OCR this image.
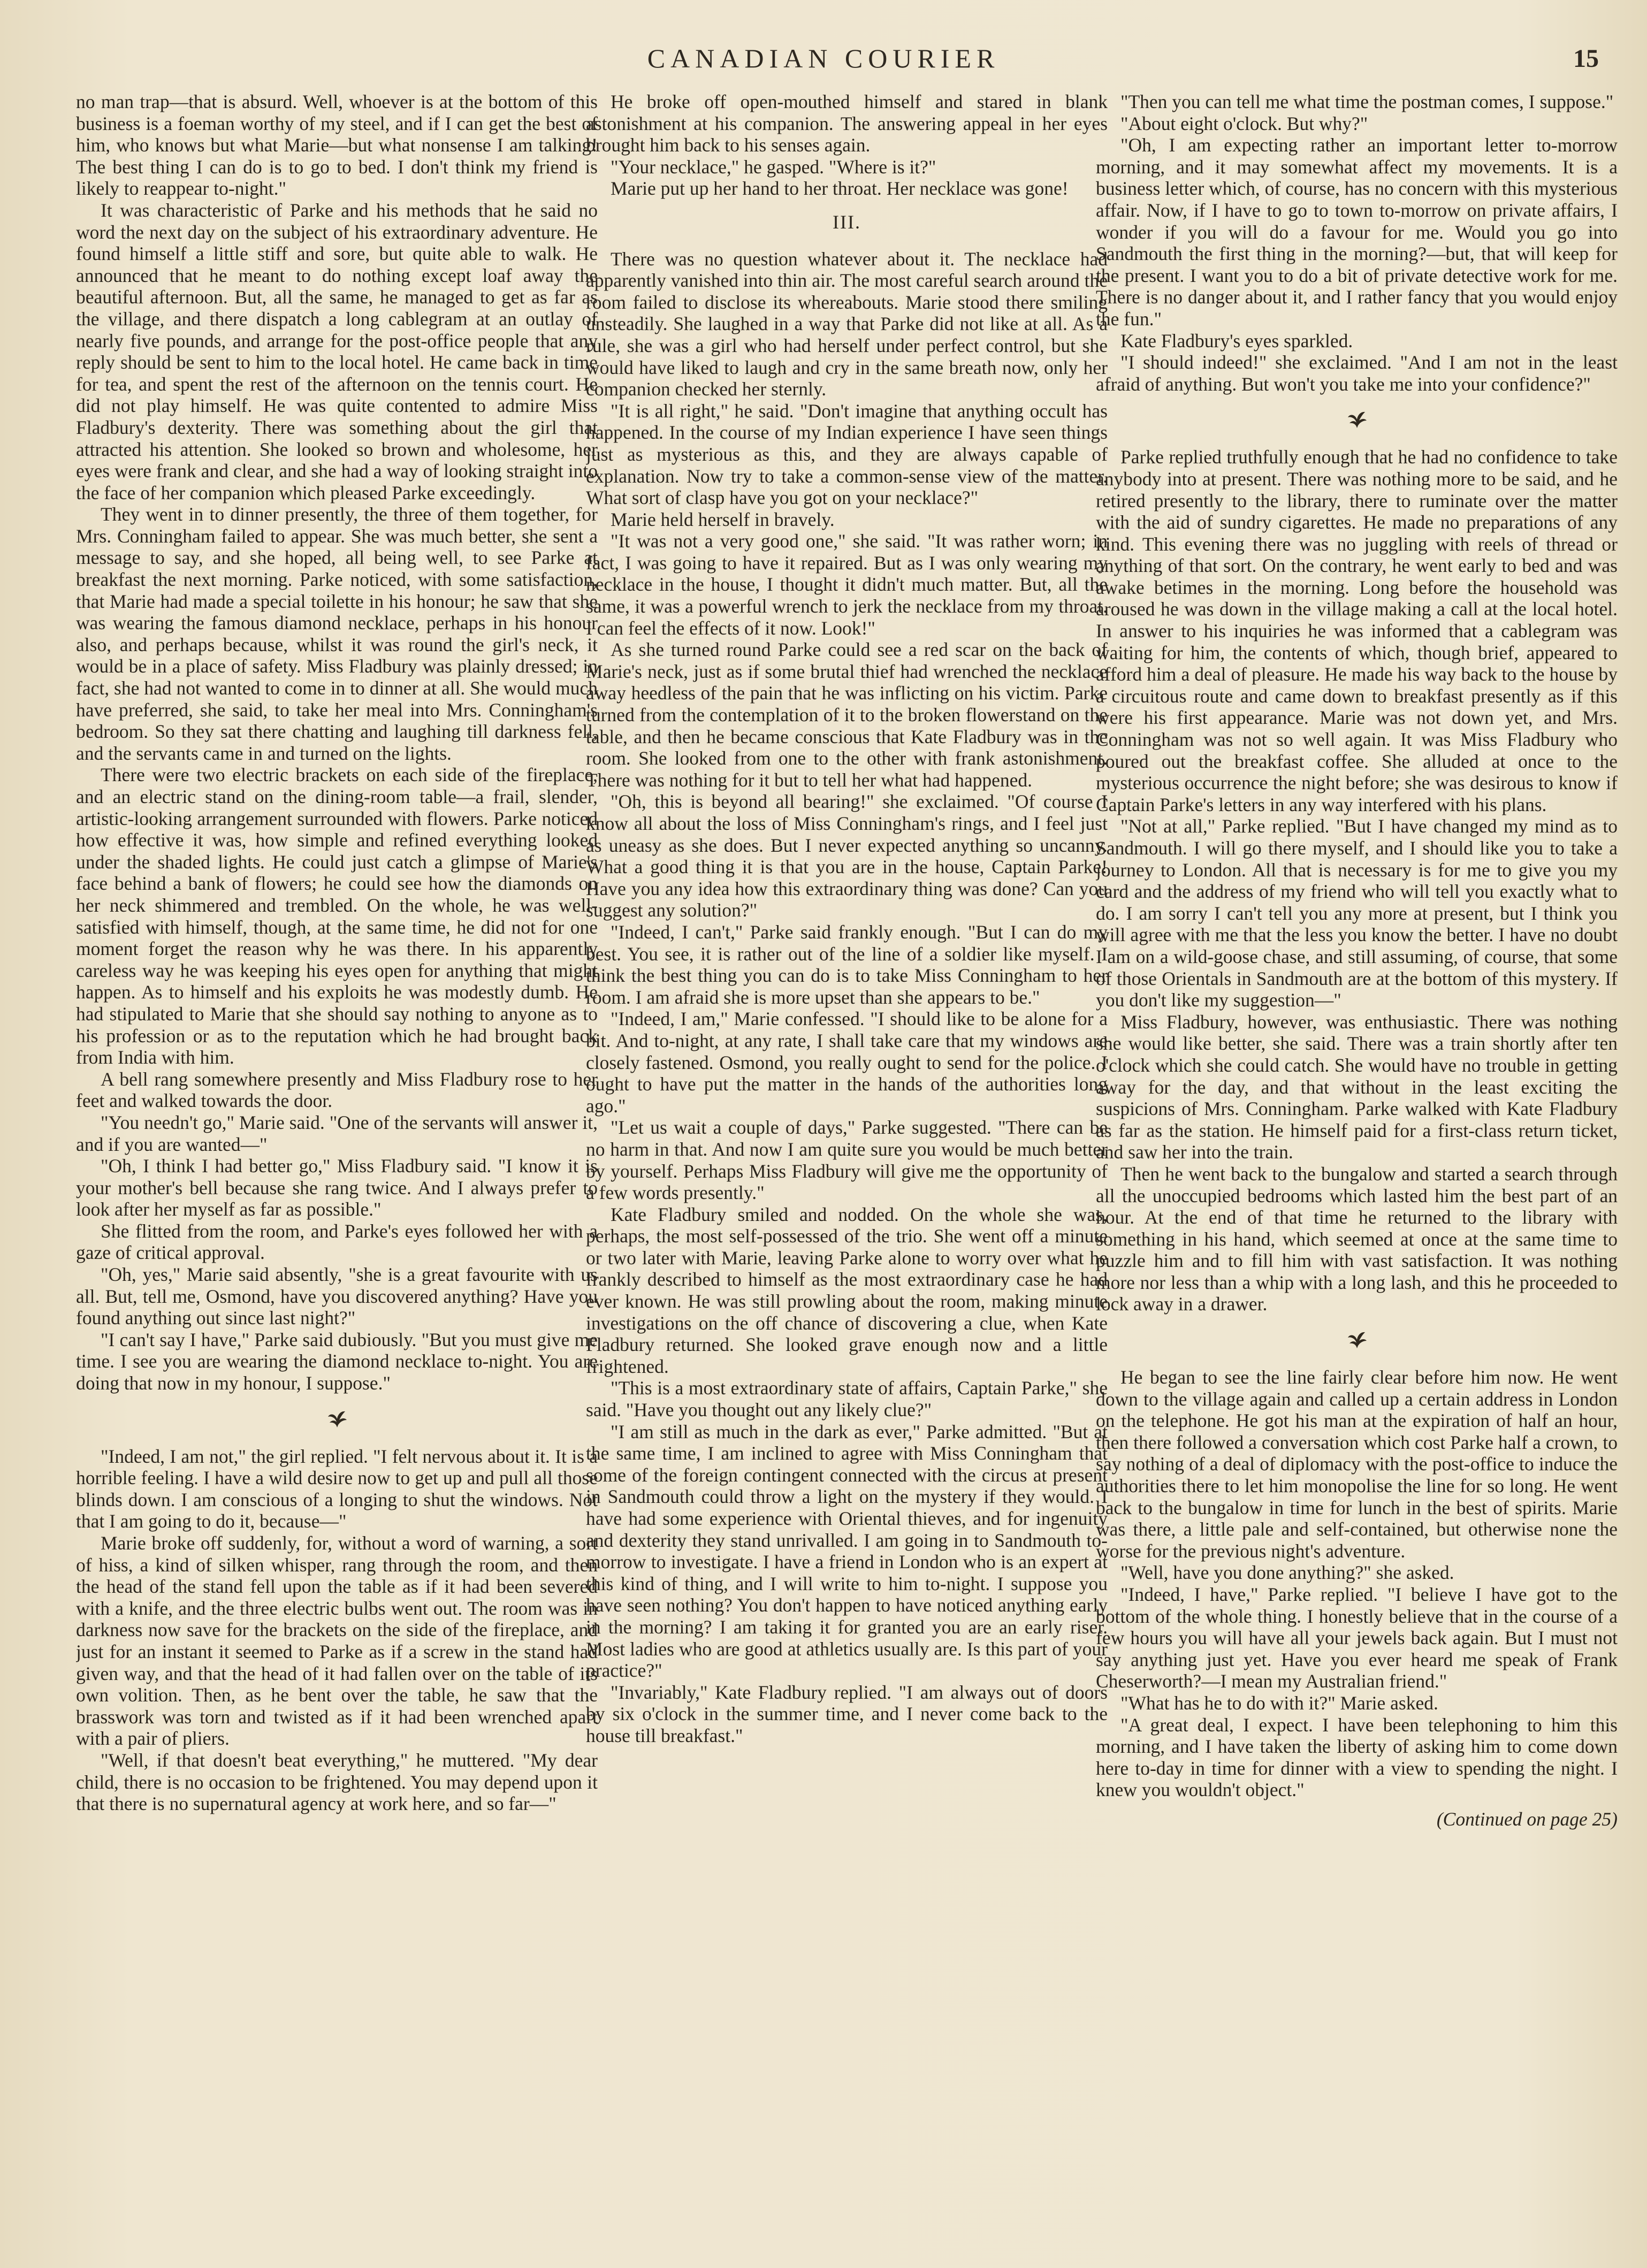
CANADIAN COURIER	15

no man trap—that is absurd. Well, whoever is at the bottom of this business is a foeman worthy of my steel, and if I can get the best of him, who knows but what Marie—but what nonsense I am talking! The best thing I can do is to go to bed. I don't think my friend is likely to reappear to-night."

It was characteristic of Parke and his methods that he said no word the next day on the subject of his extraordinary adventure. He found himself a little stiff and sore, but quite able to walk. He announced that he meant to do nothing except loaf away the beautiful afternoon. But, all the same, he managed to get as far as the village, and there dispatch a long cablegram at an outlay of nearly five pounds, and arrange for the post-office people that any reply should be sent to him to the local hotel. He came back in time for tea, and spent the rest of the afternoon on the tennis court. He did not play himself. He was quite contented to admire Miss Fladbury's dexterity. There was something about the girl that attracted his attention. She looked so brown and wholesome, her eyes were frank and clear, and she had a way of looking straight into the face of her companion which pleased Parke exceedingly.

They went in to dinner presently, the three of them together, for Mrs. Conningham failed to appear. She was much better, she sent a message to say, and she hoped, all being well, to see Parke at breakfast the next morning. Parke noticed, with some satisfaction, that Marie had made a special toilette in his honour; he saw that she was wearing the famous diamond necklace, perhaps in his honour also, and perhaps because, whilst it was round the girl's neck, it would be in a place of safety. Miss Fladbury was plainly dressed; in fact, she had not wanted to come in to dinner at all. She would much have preferred, she said, to take her meal into Mrs. Conningham's bedroom. So they sat there chatting and laughing till darkness fell, and the servants came in and turned on the lights.

There were two electric brackets on each side of the fireplace, and an electric stand on the dining-room table—a frail, slender, artistic-looking arrangement surrounded with flowers. Parke noticed how effective it was, how simple and refined everything looked under the shaded lights. He could just catch a glimpse of Marie's face behind a bank of flowers; he could see how the diamonds on her neck shimmered and trembled. On the whole, he was well-satisfied with himself, though, at the same time, he did not for one moment forget the reason why he was there. In his apparently careless way he was keeping his eyes open for anything that might happen. As to himself and his exploits he was modestly dumb. He had stipulated to Marie that she should say nothing to anyone as to his profession or as to the reputation which he had brought back from India with him.

A bell rang somewhere presently and Miss Fladbury rose to her feet and walked towards the door.

"You needn't go," Marie said. "One of the servants will answer it, and if you are wanted—"

"Oh, I think I had better go," Miss Fladbury said. "I know it is your mother's bell because she rang twice. And I always prefer to look after her myself as far as possible."

She flitted from the room, and Parke's eyes followed her with a gaze of critical approval.

"Oh, yes," Marie said absently, "she is a great favourite with us all. But, tell me, Osmond, have you discovered anything? Have you found anything out since last night?"

"I can't say I have," Parke said dubiously. "But you must give me time. I see you are wearing the diamond necklace to-night. You are doing that now in my honour, I suppose."

"Indeed, I am not," the girl replied. "I felt nervous about it. It is a horrible feeling. I have a wild desire now to get up and pull all those blinds down. I am conscious of a longing to shut the windows. Not that I am going to do it, because—"

Marie broke off suddenly, for, without a word of warning, a sort of hiss, a kind of silken whisper, rang through the room, and then the head of the stand fell upon the table as if it had been severed with a knife, and the three electric bulbs went out. The room was in darkness now save for the brackets on the side of the fireplace, and just for an instant it seemed to Parke as if a screw in the stand had given way, and that the head of it had fallen over on the table of its own volition. Then, as he bent over the table, he saw that the brasswork was torn and twisted as if it had been wrenched apart with a pair of pliers.

"Well, if that doesn't beat everything," he muttered. "My dear child, there is no occasion to be frightened. You may depend upon it that there is no supernatural agency at work here, and so far—"

He broke off open-mouthed himself and stared in blank astonishment at his companion. The answering appeal in her eyes brought him back to his senses again.

"Your necklace," he gasped. "Where is it?"

Marie put up her hand to her throat. Her necklace was gone!

III.

There was no question whatever about it. The necklace had apparently vanished into thin air. The most careful search around the room failed to disclose its whereabouts. Marie stood there smiling unsteadily. She laughed in a way that Parke did not like at all. As a rule, she was a girl who had herself under perfect control, but she would have liked to laugh and cry in the same breath now, only her companion checked her sternly.

"It is all right," he said. "Don't imagine that anything occult has happened. In the course of my Indian experience I have seen things just as mysterious as this, and they are always capable of explanation. Now try to take a common-sense view of the matter. What sort of clasp have you got on your necklace?"

Marie held herself in bravely.

"It was not a very good one," she said. "It was rather worn; in fact, I was going to have it repaired. But as I was only wearing my necklace in the house, I thought it didn't much matter. But, all the same, it was a powerful wrench to jerk the necklace from my throat. I can feel the effects of it now. Look!"

As she turned round Parke could see a red scar on the back of Marie's neck, just as if some brutal thief had wrenched the necklace away heedless of the pain that he was inflicting on his victim. Parke turned from the contemplation of it to the broken flowerstand on the table, and then he became conscious that Kate Fladbury was in the room. She looked from one to the other with frank astonishment. There was nothing for it but to tell her what had happened.

"Oh, this is beyond all bearing!" she exclaimed. "Of course I know all about the loss of Miss Conningham's rings, and I feel just as uneasy as she does. But I never expected anything so uncanny. What a good thing it is that you are in the house, Captain Parke! Have you any idea how this extraordinary thing was done? Can you suggest any solution?"

"Indeed, I can't," Parke said frankly enough. "But I can do my best. You see, it is rather out of the line of a soldier like myself. I think the best thing you can do is to take Miss Conningham to her room. I am afraid she is more upset than she appears to be."

"Indeed, I am," Marie confessed. "I should like to be alone for a bit. And to-night, at any rate, I shall take care that my windows are closely fastened. Osmond, you really ought to send for the police. I ought to have put the matter in the hands of the authorities long ago."

"Let us wait a couple of days," Parke suggested. "There can be no harm in that. And now I am quite sure you would be much better by yourself. Perhaps Miss Fladbury will give me the opportunity of a few words presently."

Kate Fladbury smiled and nodded. On the whole she was, perhaps, the most self-possessed of the trio. She went off a minute or two later with Marie, leaving Parke alone to worry over what he frankly described to himself as the most extraordinary case he had ever known. He was still prowling about the room, making minute investigations on the off chance of discovering a clue, when Kate Fladbury returned. She looked grave enough now and a little frightened.

"This is a most extraordinary state of affairs, Captain Parke," she said. "Have you thought out any likely clue?"

"I am still as much in the dark as ever," Parke admitted. "But at the same time, I am inclined to agree with Miss Conningham that some of the foreign contingent connected with the circus at present in Sandmouth could throw a light on the mystery if they would. I have had some experience with Oriental thieves, and for ingenuity and dexterity they stand unrivalled. I am going in to Sandmouth to-morrow to investigate. I have a friend in London who is an expert at this kind of thing, and I will write to him to-night. I suppose you have seen nothing? You don't happen to have noticed anything early in the morning? I am taking it for granted you are an early riser. Most ladies who are good at athletics usually are. Is this part of your practice?"

"Invariably," Kate Fladbury replied. "I am always out of doors by six o'clock in the summer time, and I never come back to the house till breakfast."

"Then you can tell me what time the postman comes, I suppose."

"About eight o'clock. But why?"

"Oh, I am expecting rather an important letter to-morrow morning, and it may somewhat affect my movements. It is a business letter which, of course, has no concern with this mysterious affair. Now, if I have to go to town to-morrow on private affairs, I wonder if you will do a favour for me. Would you go into Sandmouth the first thing in the morning?—but, that will keep for the present. I want you to do a bit of private detective work for me. There is no danger about it, and I rather fancy that you would enjoy the fun."

Kate Fladbury's eyes sparkled.

"I should indeed!" she exclaimed. "And I am not in the least afraid of anything. But won't you take me into your confidence?"

Parke replied truthfully enough that he had no confidence to take anybody into at present. There was nothing more to be said, and he retired presently to the library, there to ruminate over the matter with the aid of sundry cigarettes. He made no preparations of any kind. This evening there was no juggling with reels of thread or anything of that sort. On the contrary, he went early to bed and was awake betimes in the morning. Long before the household was aroused he was down in the village making a call at the local hotel. In answer to his inquiries he was informed that a cablegram was waiting for him, the contents of which, though brief, appeared to afford him a deal of pleasure. He made his way back to the house by a circuitous route and came down to breakfast presently as if this were his first appearance. Marie was not down yet, and Mrs. Conningham was not so well again. It was Miss Fladbury who poured out the breakfast coffee. She alluded at once to the mysterious occurrence the night before; she was desirous to know if Captain Parke's letters in any way interfered with his plans.

"Not at all," Parke replied. "But I have changed my mind as to Sandmouth. I will go there myself, and I should like you to take a journey to London. All that is necessary is for me to give you my card and the address of my friend who will tell you exactly what to do. I am sorry I can't tell you any more at present, but I think you will agree with me that the less you know the better. I have no doubt I am on a wild-goose chase, and still assuming, of course, that some of those Orientals in Sandmouth are at the bottom of this mystery. If you don't like my suggestion—"

Miss Fladbury, however, was enthusiastic. There was nothing she would like better, she said. There was a train shortly after ten o'clock which she could catch. She would have no trouble in getting away for the day, and that without in the least exciting the suspicions of Mrs. Conningham. Parke walked with Kate Fladbury as far as the station. He himself paid for a first-class return ticket, and saw her into the train.

Then he went back to the bungalow and started a search through all the unoccupied bedrooms which lasted him the best part of an hour. At the end of that time he returned to the library with something in his hand, which seemed at once at the same time to puzzle him and to fill him with vast satisfaction. It was nothing more nor less than a whip with a long lash, and this he proceeded to lock away in a drawer.

He began to see the line fairly clear before him now. He went down to the village again and called up a certain address in London on the telephone. He got his man at the expiration of half an hour, then there followed a conversation which cost Parke half a crown, to say nothing of a deal of diplomacy with the post-office to induce the authorities there to let him monopolise the line for so long. He went back to the bungalow in time for lunch in the best of spirits. Marie was there, a little pale and self-contained, but otherwise none the worse for the previous night's adventure.

"Well, have you done anything?" she asked.

"Indeed, I have," Parke replied. "I believe I have got to the bottom of the whole thing. I honestly believe that in the course of a few hours you will have all your jewels back again. But I must not say anything just yet. Have you ever heard me speak of Frank Cheserworth?—I mean my Australian friend."

"What has he to do with it?" Marie asked.

"A great deal, I expect. I have been telephoning to him this morning, and I have taken the liberty of asking him to come down here to-day in time for dinner with a view to spending the night. I knew you wouldn't object."

(Continued on page 25)
